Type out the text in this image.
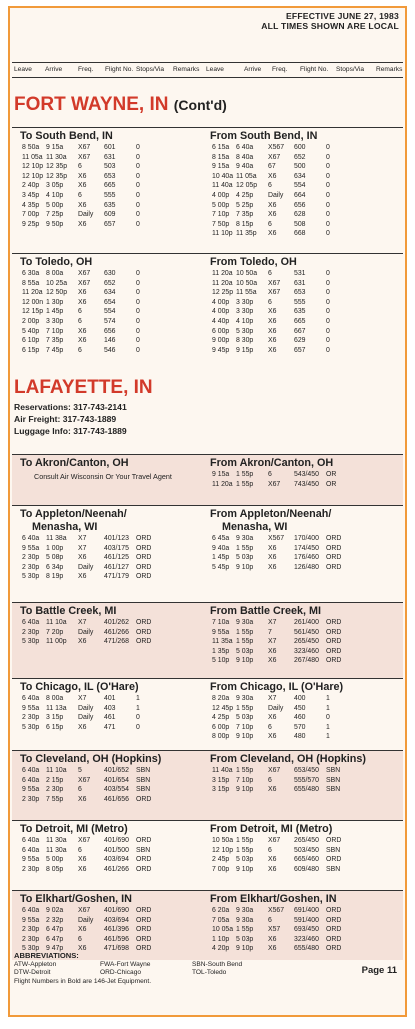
EFFECTIVE JUNE 27, 1983
ALL TIMES SHOWN ARE LOCAL
Leave Arrive Freq. Flight No. Stops/Via Remarks Leave	Arrive Freq. Flight No. Stops/Via Remarks
FORT WAYNE, IN (Cont'd)
LAFAYETTE, IN
Reservations: 317-743-2141
Air Freight: 317-743-1889
Luggage Info: 317-743-1889
To South Bend, IN
8 50a 9 15a X67 601	0
11 05a 11 30a X67 631	0
12 10p 12 35p 6	503	0
12 10p 12 35p X6	653	0
2 40p 3 05p X6	665	0
3 45p 4 10p 6	555	0
4 35p 5 00p X6	635	0
7 00p 7 25p Daily 609	0
9 25p 9 50p X6	657	0
From South Bend, IN
6 15a 6 40a X567 600	0
8 15a 8 40a X67 652	0
9 15a 9 40a 67	500	0
10 40a 11 05a X6	634	0
11 40a 12 05p 6	554	0
4 00p 4 25p Daily 664	0
5 00p 5 25p X6	656	0
7 10p 7 35p X6	628	0
7 50p 8 15p 6	508	0
11 10p 11 35p X6	668	0
To Toledo, OH
6 30a 8 00a X67 630	0
8 55a 10 25a X67 652	0
11 20a 12 50p X6	634	0
12 00n 1 30p X6	654	0
12 15p 1 45p 6	554	0
2 00p 3 30p 6	574	0
5 40p 7 10p X6	656	0
6 10p 7 35p X6	146	0
6 15p 7 45p 6	546	0
From Toledo, OH
11 20a 10 50a 6	531	0
11 20a 10 50a X67 631	0
12 25p 11 55a X67 653	0
4 00p 3 30p 6	555	0
4 00p 3 30p X6	635	0
4 40p 4 10p X6	665	0
6 00p 5 30p X6	667	0
9 00p 8 30p X6	629	0
9 45p 9 15p X6	657	0
To Akron/Canton, OH
Consult Air Wisconsin Or Your Travel Agent
From Akron/Canton, OH
9 15a 1 55p 6	543/450 OR
11 20a 1 55p X67 743/450 OR
To Appleton/Neenah/
Menasha, WI
6 40a 11 38a X7	401/123 ORD
9 55a 1 00p X7	403/175 ORD
2 30p 5 08p X6	461/125 ORD
2 30p 6 34p Daily 461/127 ORD
5 30p 8 19p X6	471/179 ORD
From Appleton/Neenah/
Menasha, WI
6 45a 9 30a X567 170/400 ORD
9 40a 1 55p X6	174/450 ORD
1 45p 5 03p X6	176/460 ORD
5 45p 9 10p X6	126/480 ORD
To Battle Creek, MI
6 40a 11 10a X7	401/262 ORD
2 30p 7 20p Daily 461/266 ORD
5 30p 11 00p X6	471/268 ORD
From Battle Creek, MI
7 10a 9 30a X7	261/400 ORD
9 55a 1 55p 7	561/450 ORD
11 35a 1 55p X7	265/450 ORD
1 35p 5 03p X6	323/460 ORD
5 10p 9 10p X6	267/480 ORD
To Chicago, IL (O'Hare)
6 40a 8 00a X7	401	1
9 55a 11 13a Daily 403	1
2 30p 3 15p Daily 461	0
5 30p 6 15p X6	471	0
From Chicago, IL (O'Hare)
8 20a 9 30a X7	400	1
12 45p 1 55p Daily 450	1
4 25p 5 03p X6	460	0
6 00p 7 10p 6	570	1
8 00p 9 10p X6	480	1
To Cleveland, OH (Hopkins)
6 40a 11 10a 5	401/652 SBN
6 40a 2 15p X67 401/654 SBN
9 55a 2 30p 6	403/554 SBN
2 30p 7 55p X6	461/656 ORD
From Cleveland, OH (Hopkins)
11 40a 1 55p X67 653/450 SBN
3 15p 7 10p 6	555/570 SBN
3 15p 9 10p X6	655/480 SBN
To Detroit, MI (Metro)
6 40a 11 30a X67 401/690 ORD
6 40a 11 30a 6	401/500 SBN
9 55a 5 00p X6	403/694 ORD
2 30p 8 05p X6	461/266 ORD
From Detroit, MI (Metro)
10 50a 1 55p X67 265/450 ORD
12 10p 1 55p 6	503/450 SBN
2 45p 5 03p X6	665/460 ORD
7 00p 9 10p X6	609/480 SBN
To Elkhart/Goshen, IN
6 40a 9 02a X67 401/690 ORD
9 55a 2 32p Daily 403/694 ORD
2 30p 6 47p X6	461/396 ORD
2 30p 6 47p 6	461/596 ORD
5 30p 9 47p X6	471/698 ORD
From Elkhart/Goshen, IN
6 20a 9 30a X567 691/400 ORD
7 05a 9 30a 6	591/400 ORD
10 05a 1 55p X57 693/450 ORD
1 10p 5 03p X6	323/460 ORD
4 20p 9 10p X6	655/480 ORD
ABBREVIATIONS:
ATW-Appleton	FWA-Fort Wayne	SBN-South Bend
DTW-Detroit	ORD-Chicago	TOL-Toledo
Flight Numbers in Bold are 146-Jet Equipment.
Page 11
